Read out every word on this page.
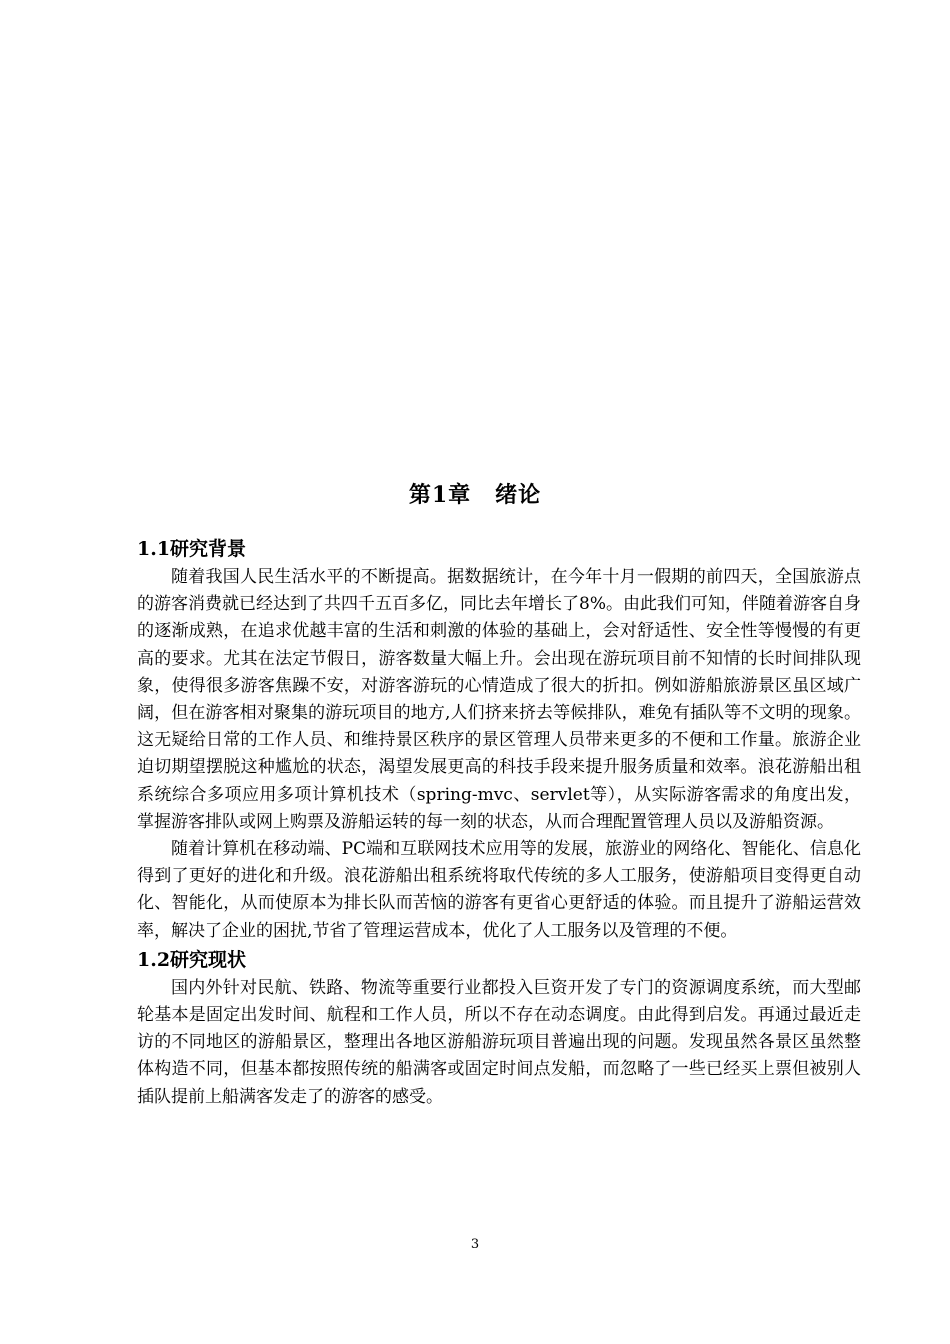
第1章 绪论
1.1研究背景

随着我国人民生活水平的不断提高。据数据统计，在今年十月一假期的前四天，全国旅游点的游客消费就已经达到了共四千五百多亿，同比去年增长了8%。由此我们可知，伴随着游客自身的逐渐成熟，在追求优越丰富的生活和刺激的体验的基础上，会对舒适性、安全性等慢慢的有更高的要求。尤其在法定节假日，游客数量大幅上升。会出现在游玩项目前不知情的长时间排队现象，使得很多游客焦躁不安，对游客游玩的心情造成了很大的折扣。例如游船旅游景区虽区域广阔，但在游客相对聚集的游玩项目的地方,人们挤来挤去等候排队，难免有插队等不文明的现象。这无疑给日常的工作人员、和维持景区秩序的景区管理人员带来更多的不便和工作量。旅游企业迫切期望摆脱这种尴尬的状态，渴望发展更高的科技手段来提升服务质量和效率。浪花游船出租系统综合多项应用多项计算机技术（spring-mvc、servlet等），从实际游客需求的角度出发，掌握游客排队或网上购票及游船运转的每一刻的状态，从而合理配置管理人员以及游船资源。

随着计算机在移动端、PC端和互联网技术应用等的发展，旅游业的网络化、智能化、信息化得到了更好的进化和升级。浪花游船出租系统将取代传统的多人工服务，使游船项目变得更自动化、智能化，从而使原本为排长队而苦恼的游客有更省心更舒适的体验。而且提升了游船运营效率，解决了企业的困扰,节省了管理运营成本，优化了人工服务以及管理的不便。

1.2研究现状

国内外针对民航、铁路、物流等重要行业都投入巨资开发了专门的资源调度系统，而大型邮轮基本是固定出发时间、航程和工作人员，所以不存在动态调度。由此得到启发。再通过最近走访的不同地区的游船景区，整理出各地区游船游玩项目普遍出现的问题。发现虽然各景区虽然整体构造不同，但基本都按照传统的船满客或固定时间点发船，而忽略了一些已经买上票但被别人插队提前上船满客发走了的游客的感受。

3
